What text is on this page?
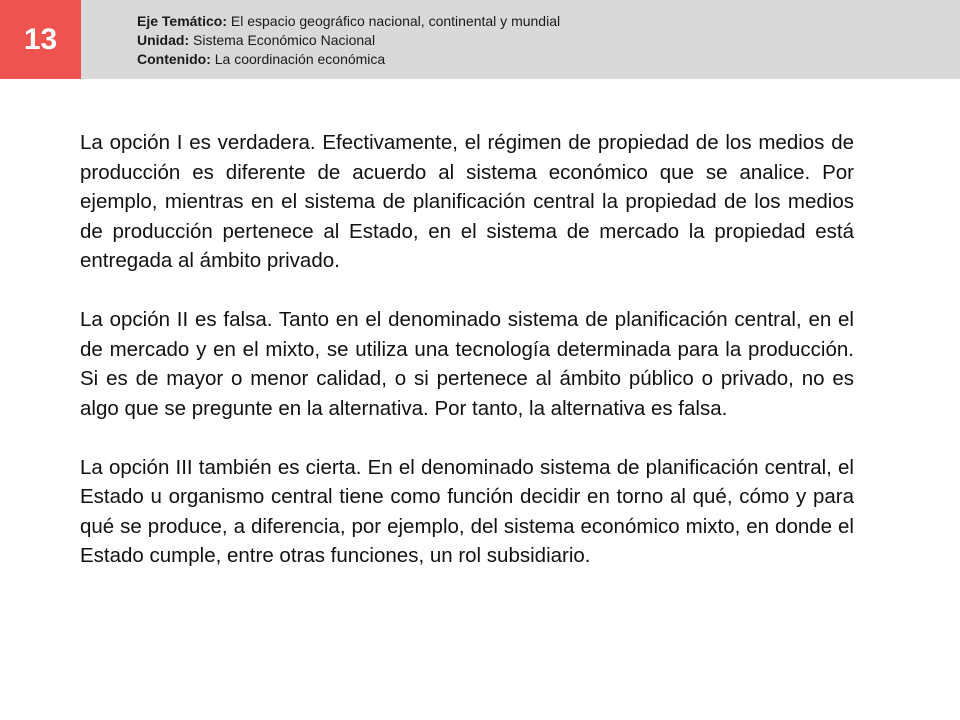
13
Eje Temático: El espacio geográfico nacional, continental y mundial
Unidad: Sistema Económico Nacional
Contenido: La coordinación económica

La opción I es verdadera. Efectivamente, el régimen de propiedad de los medios de producción es diferente de acuerdo al sistema económico que se analice. Por ejemplo, mientras en el sistema de planificación central la propiedad de los medios de producción pertenece al Estado, en el sistema de mercado la propiedad está entregada al ámbito privado.

La opción II es falsa. Tanto en el denominado sistema de planificación central, en el de mercado y en el mixto, se utiliza una tecnología determinada para la producción. Si es de mayor o menor calidad, o si pertenece al ámbito público o privado, no es algo que se pregunte en la alternativa. Por tanto, la alternativa es falsa.

La opción III también es cierta. En el denominado sistema de planificación central, el Estado u organismo central tiene como función decidir en torno al qué, cómo y para qué se produce, a diferencia, por ejemplo, del sistema económico mixto, en donde el Estado cumple, entre otras funciones, un rol subsidiario.
